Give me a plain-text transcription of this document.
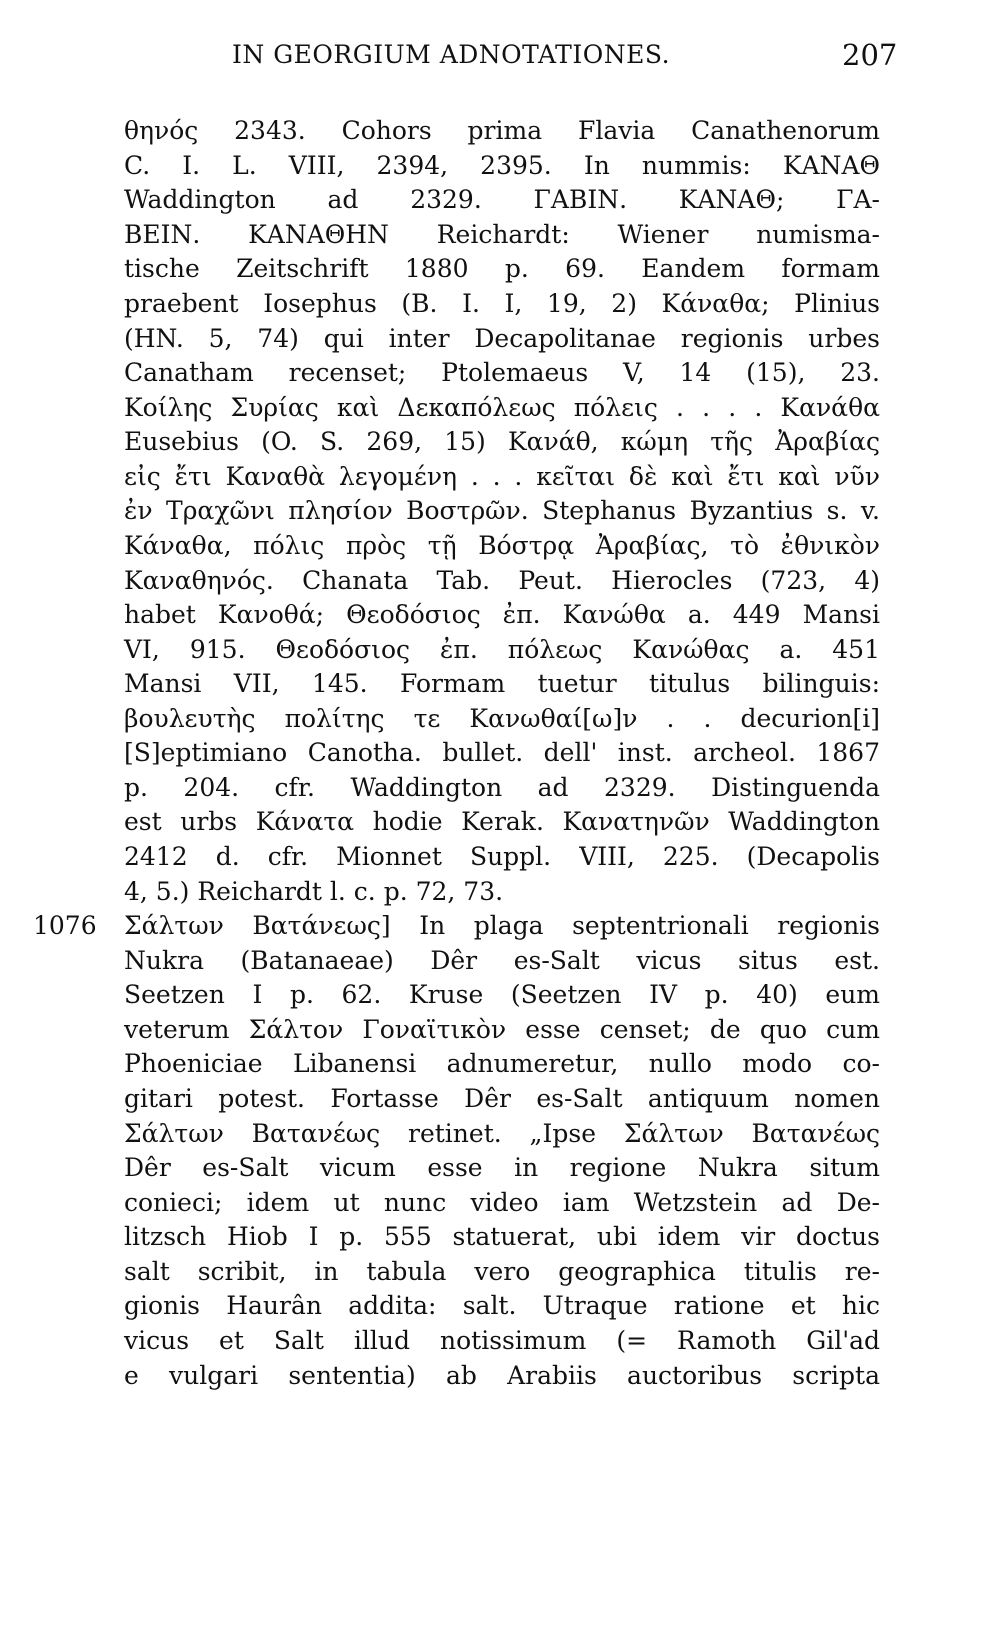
IN GEORGIUM ADNOTATIONES.	207
θηνός 2343. Cohors prima Flavia Canathenorum
C. I. L. VIII, 2394, 2395. In nummis: ΚΑΝΑΘ
Waddington ad 2329. ΓΑΒΙΝ. ΚΑΝΑΘ; ΓΑ-
ΒΕΙΝ. ΚΑΝΑΘΗΝ Reichardt: Wiener numisma-
tische Zeitschrift 1880 p. 69. Eandem formam
praebent Iosephus (B. I. I, 19, 2) Κάναθα; Plinius
(HN. 5, 74) qui inter Decapolitanae regionis urbes
Canatham recenset; Ptolemaeus V, 14 (15), 23.
Κοίλης Συρίας καὶ Δεκαπόλεως πόλεις . . . . Κανάθα
Eusebius (O. S. 269, 15) Κανάθ, κώμη τῆς Ἀραβίας
εἰς ἔτι Καναθὰ λεγομένη . . . κεῖται δὲ καὶ ἔτι καὶ νῦν
ἐν Τραχῶνι πλησίον Βοστρῶν. Stephanus Byzantius s. v.
Κάναθα, πόλις πρὸς τῇ Βόστρᾳ Ἀραβίας, τὸ ἐθνικὸν
Καναθηνός. Chanata Tab. Peut. Hierocles (723, 4)
habet Κανοθά; Θεοδόσιος ἐπ. Κανώθα a. 449 Mansi
VI, 915. Θεοδόσιος ἐπ. πόλεως Κανώθας a. 451
Mansi VII, 145. Formam tuetur titulus bilinguis:
βουλευτὴς πολίτης τε Κανωθαί[ω]ν . . decurion[i]
[S]eptimiano Canotha. bullet. dell' inst. archeol. 1867
p. 204. cfr. Waddington ad 2329. Distinguenda
est urbs Κάνατα hodie Kerak. Κανατηνῶν Waddington
2412 d. cfr. Mionnet Suppl. VIII, 225. (Decapolis
4, 5.) Reichardt l. c. p. 72, 73.
1076 Σάλτων Βατάνεως] In plaga septentrionali regionis
Nukra (Batanaeae) Dêr es-Salt vicus situs est.
Seetzen I p. 62. Kruse (Seetzen IV p. 40) eum
veterum Σάλτον Γοναϊτικὸν esse censet; de quo cum
Phoeniciae Libanensi adnumeretur, nullo modo co-
gitari potest. Fortasse Dêr es-Salt antiquum nomen
Σάλτων Βατανέως retinet. „Ipse Σάλτων Βατανέως
Dêr es-Salt vicum esse in regione Nukra situm
conieci; idem ut nunc video iam Wetzstein ad De-
litzsch Hiob I p. 555 statuerat, ubi idem vir doctus
salt scribit, in tabula vero geographica titulis re-
gionis Haurân addita: salt. Utraque ratione et hic
vicus et Salt illud notissimum (= Ramoth Gil'ad
e vulgari sententia) ab Arabiis auctoribus scripta
